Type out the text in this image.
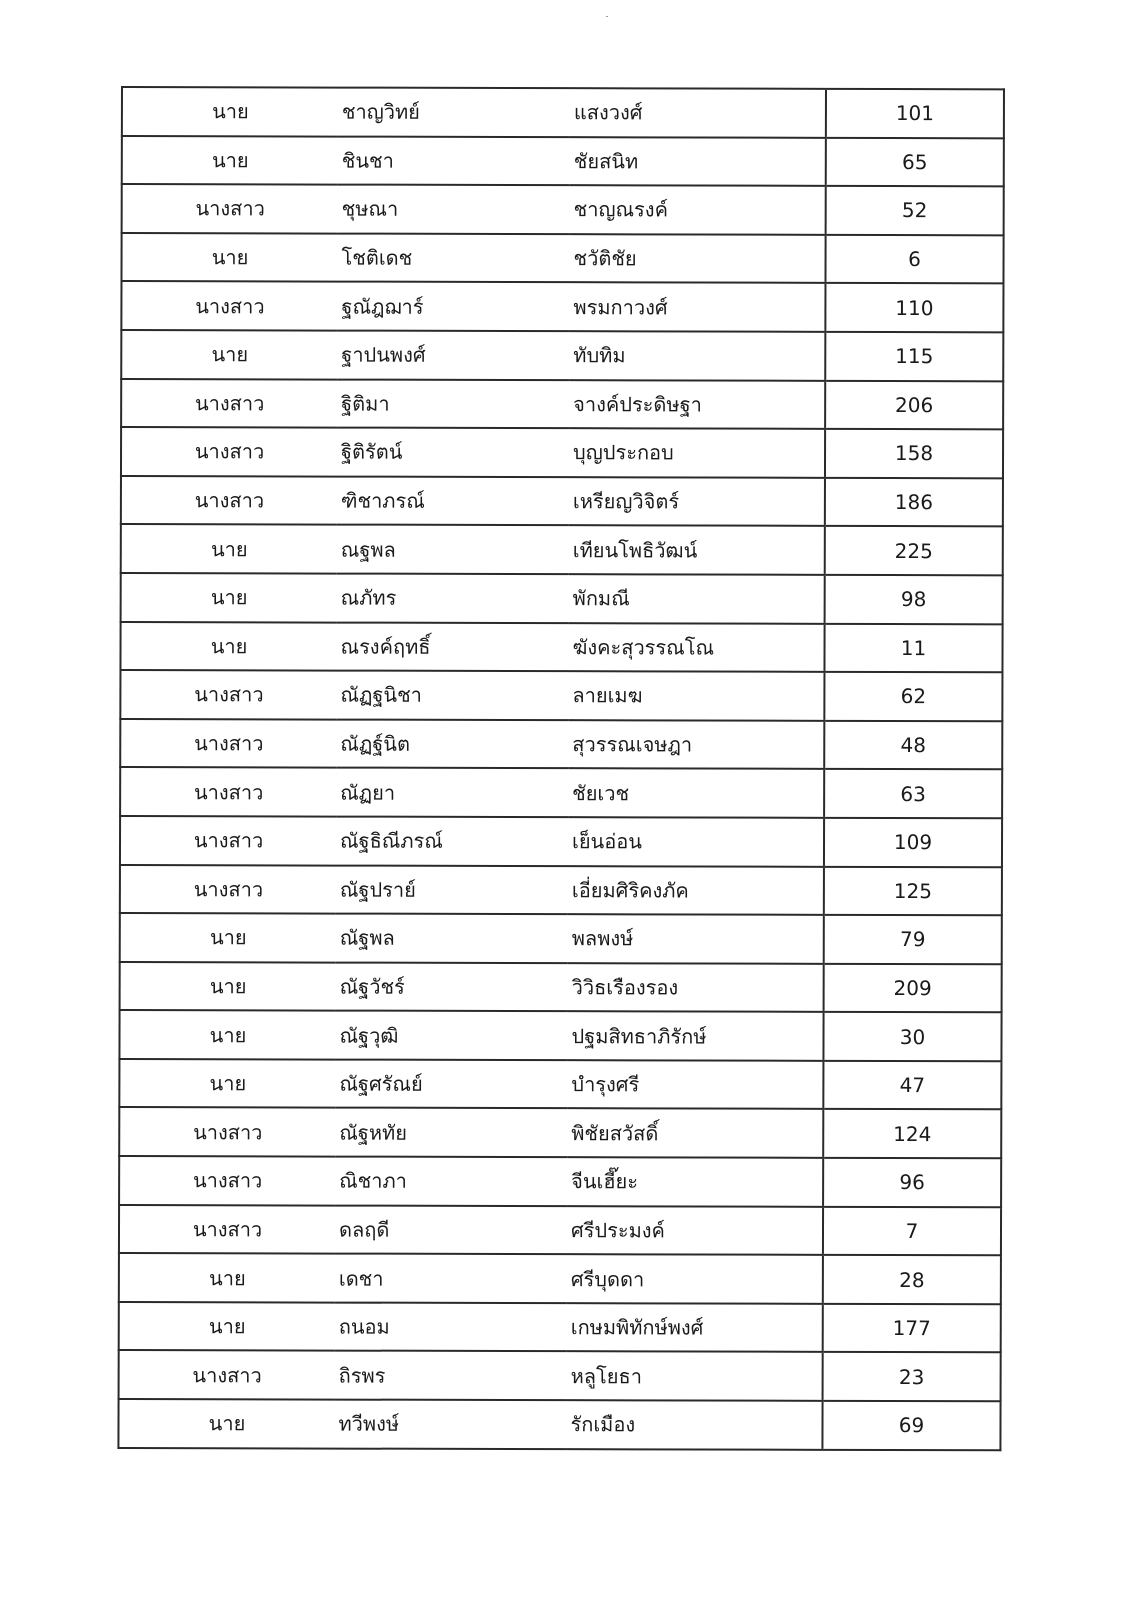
นาย	ชาญวิทย์	แสงวงศ์	101
นาย	ชินชา	ชัยสนิท	65
นางสาว	ชุษณา	ชาญณรงค์	52
นาย	โชติเดช	ชวัติชัย	6
นางสาว	ฐณัฎฌาร์	พรมกาวงศ์	110
นาย	ฐาปนพงศ์	ทับทิม	115
นางสาว	ฐิติมา	จางค์ประดิษฐา	206
นางสาว	ฐิติรัตน์	บุญประกอบ	158
นางสาว	ฑิชาภรณ์	เหรียญวิจิตร์	186
นาย	ณฐพล	เทียนโพธิวัฒน์	225
นาย	ณภัทร	พักมณี	98
นาย	ณรงค์ฤทธิ์	ฆังคะสุวรรณโณ	11
นางสาว	ณัฏฐนิชา	ลายเมฆ	62
นางสาว	ณัฏฐ์นิต	สุวรรณเจษฎา	48
นางสาว	ณัฏยา	ชัยเวช	63
นางสาว	ณัฐธิณีภรณ์	เย็นอ่อน	109
นางสาว	ณัฐปราย์	เอี่ยมศิริคงภัค	125
นาย	ณัฐพล	พลพงษ์	79
นาย	ณัฐวัชร์	วิวิธเรืองรอง	209
นาย	ณัฐวุฒิ	ปฐมสิทธาภิรักษ์	30
นาย	ณัฐศรัณย์	บำรุงศรี	47
นางสาว	ณัฐหทัย	พิชัยสวัสดิ์	124
นางสาว	ณิชาภา	จีนเฮี๊ยะ	96
นางสาว	ดลฤดี	ศรีประมงค์	7
นาย	เดชา	ศรีบุดดา	28
นาย	ถนอม	เกษมพิทักษ์พงศ์	177
นางสาว	ถิรพร	หลูโยธา	23
นาย	ทวีพงษ์	รักเมือง	69
